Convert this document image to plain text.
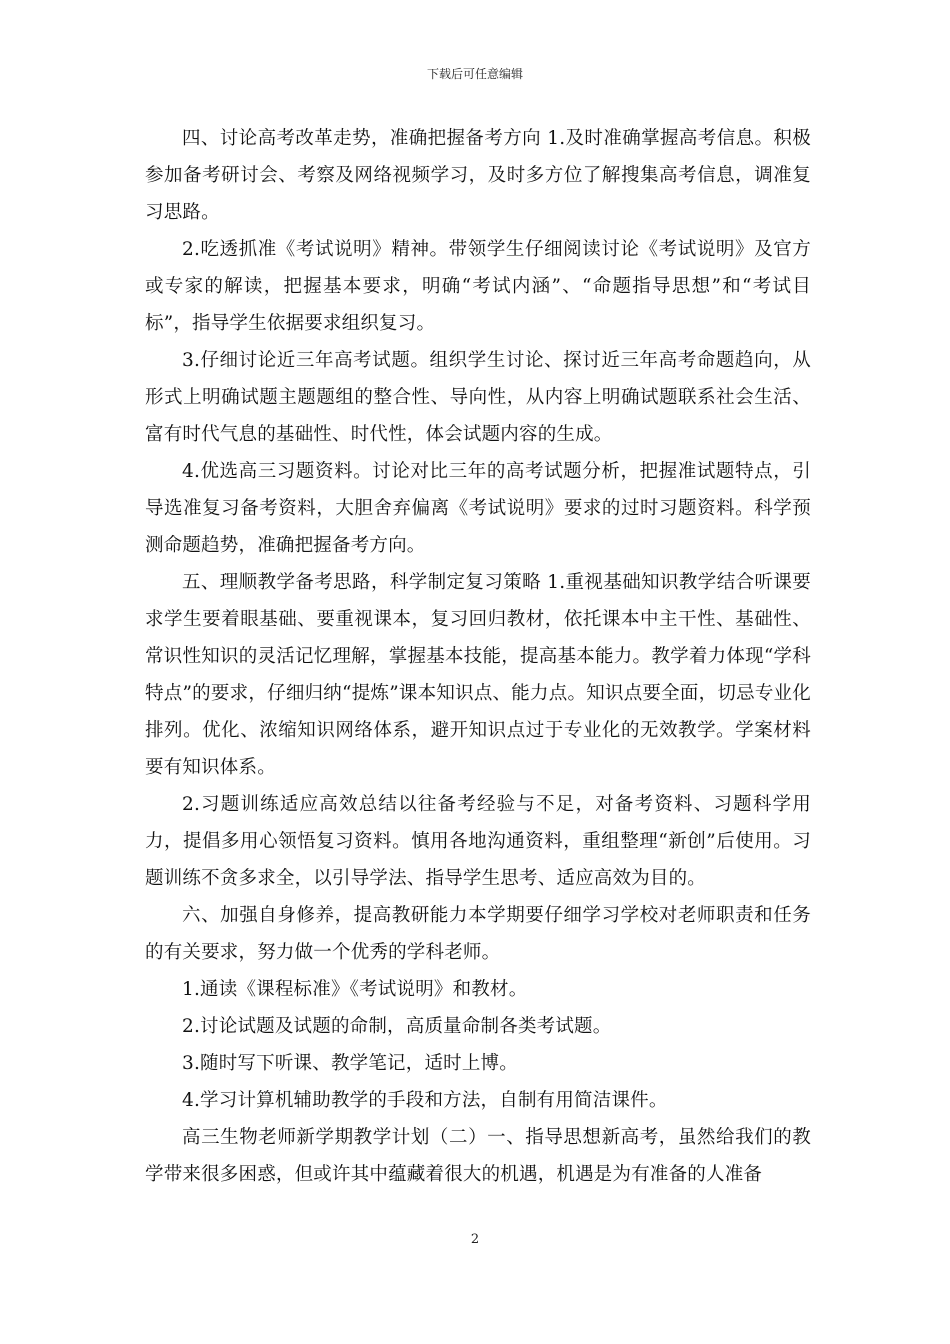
下载后可任意编辑

四、讨论高考改革走势，准确把握备考方向 1.及时准确掌握高考信息。积极参加备考研讨会、考察及网络视频学习，及时多方位了解搜集高考信息，调准复习思路。

2.吃透抓准《考试说明》精神。带领学生仔细阅读讨论《考试说明》及官方或专家的解读，把握基本要求，明确“考试内涵”、“命题指导思想”和“考试目标”，指导学生依据要求组织复习。

3.仔细讨论近三年高考试题。组织学生讨论、探讨近三年高考命题趋向，从形式上明确试题主题题组的整合性、导向性，从内容上明确试题联系社会生活、富有时代气息的基础性、时代性，体会试题内容的生成。

4.优选高三习题资料。讨论对比三年的高考试题分析，把握准试题特点，引导选准复习备考资料，大胆舍弃偏离《考试说明》要求的过时习题资料。科学预测命题趋势，准确把握备考方向。

五、理顺教学备考思路，科学制定复习策略 1.重视基础知识教学结合听课要求学生要着眼基础、要重视课本，复习回归教材，依托课本中主干性、基础性、常识性知识的灵活记忆理解，掌握基本技能，提高基本能力。教学着力体现“学科特点”的要求，仔细归纳“提炼”课本知识点、能力点。知识点要全面，切忌专业化排列。优化、浓缩知识网络体系，避开知识点过于专业化的无效教学。学案材料要有知识体系。

2.习题训练适应高效总结以往备考经验与不足，对备考资料、习题科学用力，提倡多用心领悟复习资料。慎用各地沟通资料，重组整理“新创”后使用。习题训练不贪多求全，以引导学法、指导学生思考、适应高效为目的。

六、加强自身修养，提高教研能力本学期要仔细学习学校对老师职责和任务的有关要求，努力做一个优秀的学科老师。

1.通读《课程标准》《考试说明》和教材。

2.讨论试题及试题的命制，高质量命制各类考试题。

3.随时写下听课、教学笔记，适时上博。

4.学习计算机辅助教学的手段和方法，自制有用简洁课件。

高三生物老师新学期教学计划（二）一、指导思想新高考，虽然给我们的教学带来很多困惑，但或许其中蕴藏着很大的机遇，机遇是为有准备的人准备

2
